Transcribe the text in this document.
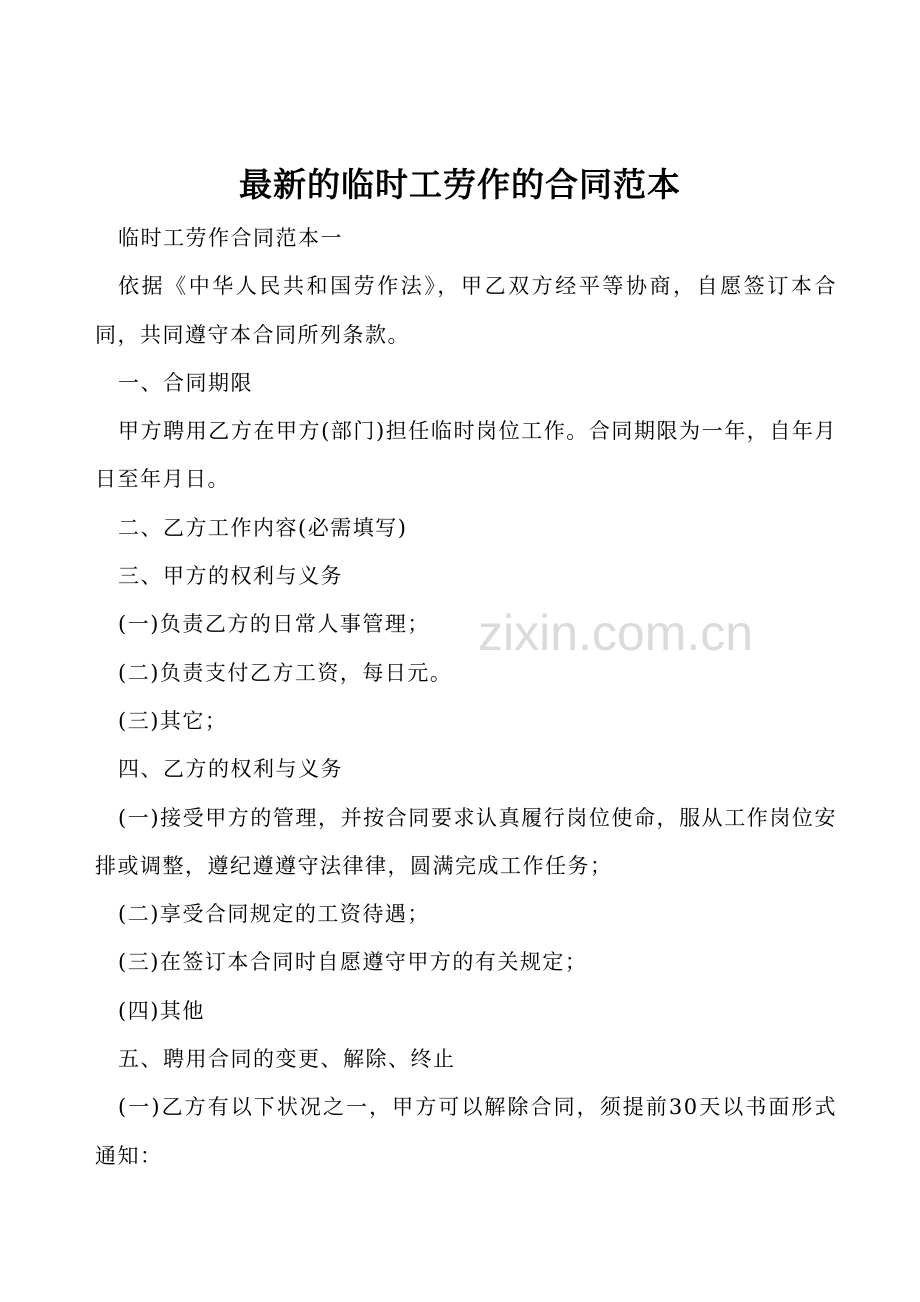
最新的临时工劳作的合同范本

临时工劳作合同范本一

依据《中华人民共和国劳作法》，甲乙双方经平等协商，自愿签订本合同，共同遵守本合同所列条款。

一、合同期限

甲方聘用乙方在甲方(部门)担任临时岗位工作。合同期限为一年，自年月日至年月日。

二、乙方工作内容(必需填写)

三、甲方的权利与义务

(一)负责乙方的日常人事管理；

(二)负责支付乙方工资，每日元。

(三)其它；

四、乙方的权利与义务

(一)接受甲方的管理，并按合同要求认真履行岗位使命，服从工作岗位安排或调整，遵纪遵遵守法律律，圆满完成工作任务；

(二)享受合同规定的工资待遇；

(三)在签订本合同时自愿遵守甲方的有关规定；

(四)其他

五、聘用合同的变更、解除、终止

(一)乙方有以下状况之一，甲方可以解除合同，须提前30天以书面形式通知：

zixin.com.cn
